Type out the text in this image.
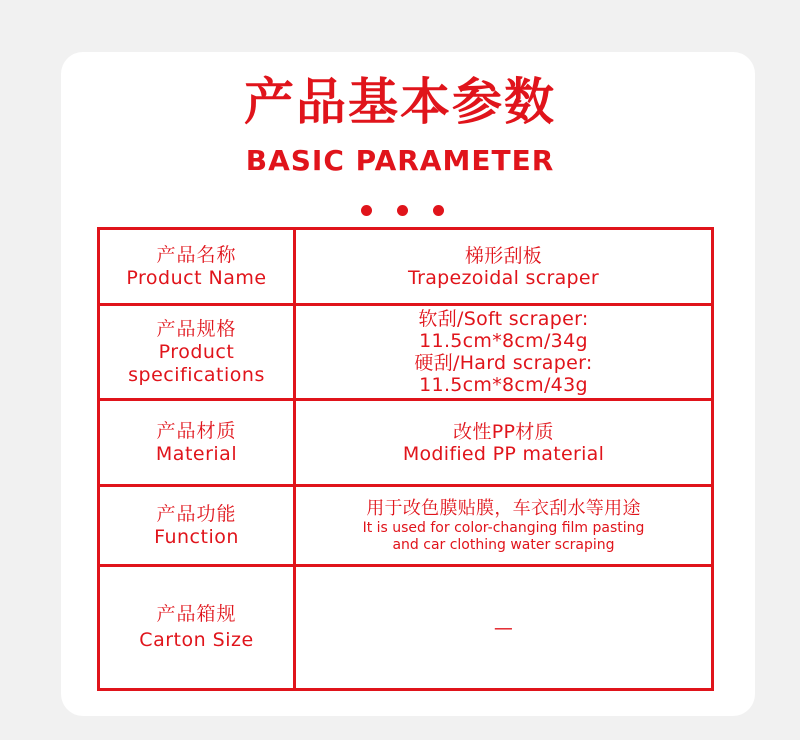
产品基本参数
BASIC PARAMETER
产品名称
Product Name
梯形刮板
Trapezoidal scraper
产品规格
Product
specifications
软刮/Soft scraper:
11.5cm*8cm/34g
硬刮/Hard scraper:
11.5cm*8cm/43g
产品材质
Material
改性PP材质
Modified PP material
产品功能
Function
用于改色膜贴膜，车衣刮水等用途
It is used for color-changing film pasting
and car clothing water scraping
产品箱规
Carton Size
—
